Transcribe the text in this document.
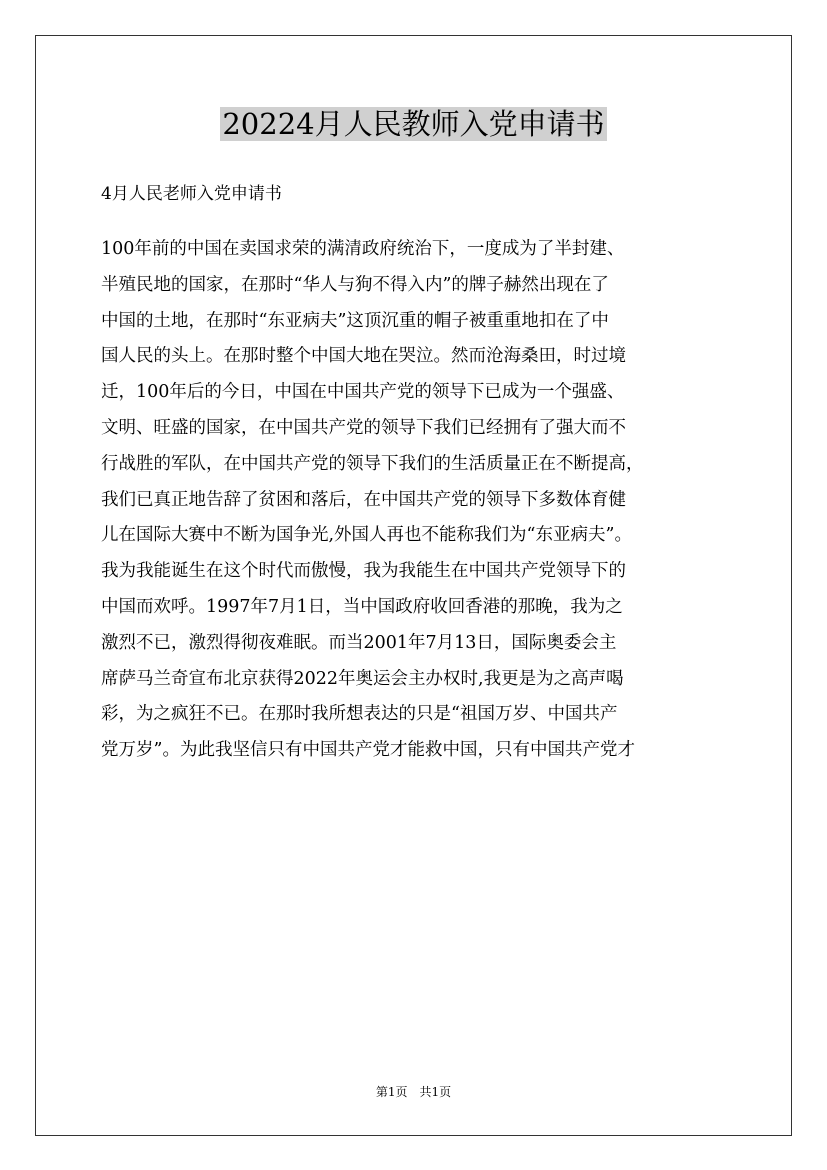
20224月人民教师入党申请书

4月人民老师入党申请书

100年前的中国在卖国求荣的满清政府统治下，一度成为了半封建、
半殖民地的国家，在那时“华人与狗不得入内”的牌子赫然出现在了
中国的土地，在那时“东亚病夫”这顶沉重的帽子被重重地扣在了中
国人民的头上。在那时整个中国大地在哭泣。然而沧海桑田，时过境
迁，100年后的今日，中国在中国共产党的领导下已成为一个强盛、
文明、旺盛的国家，在中国共产党的领导下我们已经拥有了强大而不
行战胜的军队，在中国共产党的领导下我们的生活质量正在不断提高，
我们已真正地告辞了贫困和落后，在中国共产党的领导下多数体育健
儿在国际大赛中不断为国争光,外国人再也不能称我们为“东亚病夫”。
我为我能诞生在这个时代而傲慢，我为我能生在中国共产党领导下的
中国而欢呼。1997年7月1日，当中国政府收回香港的那晚，我为之
激烈不已，激烈得彻夜难眠。而当2001年7月13日，国际奥委会主
席萨马兰奇宣布北京获得2022年奥运会主办权时,我更是为之高声喝
彩，为之疯狂不已。在那时我所想表达的只是“祖国万岁、中国共产
党万岁”。为此我坚信只有中国共产党才能救中国，只有中国共产党才
第1页 共1页
